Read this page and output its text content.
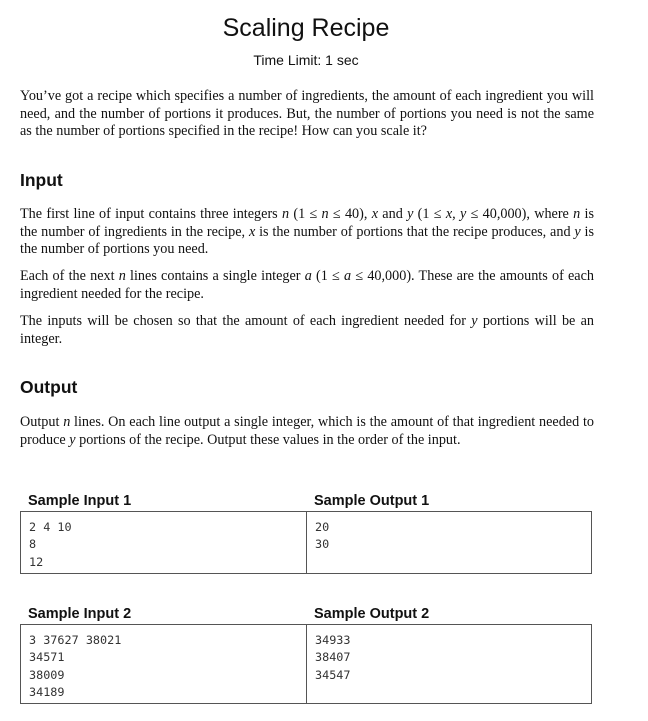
Scaling Recipe
Time Limit: 1 sec

You’ve got a recipe which specifies a number of ingredients, the amount of each ingredient you will need, and the number of portions it produces. But, the number of portions you need is not the same as the number of portions specified in the recipe! How can you scale it?

Input

The first line of input contains three integers n (1 ≤ n ≤ 40), x and y (1 ≤ x, y ≤ 40,000), where n is the number of ingredients in the recipe, x is the number of portions that the recipe produces, and y is the number of portions you need.

Each of the next n lines contains a single integer a (1 ≤ a ≤ 40,000). These are the amounts of each ingredient needed for the recipe.

The inputs will be chosen so that the amount of each ingredient needed for y portions will be an integer.

Output

Output n lines. On each line output a single integer, which is the amount of that ingredient needed to produce y portions of the recipe. Output these values in the order of the input.

Sample Input 1	Sample Output 1
2 4 10
8
12
20
30
Sample Input 2	Sample Output 2
3 37627 38021
34571
38009
34189
34933
38407
34547
